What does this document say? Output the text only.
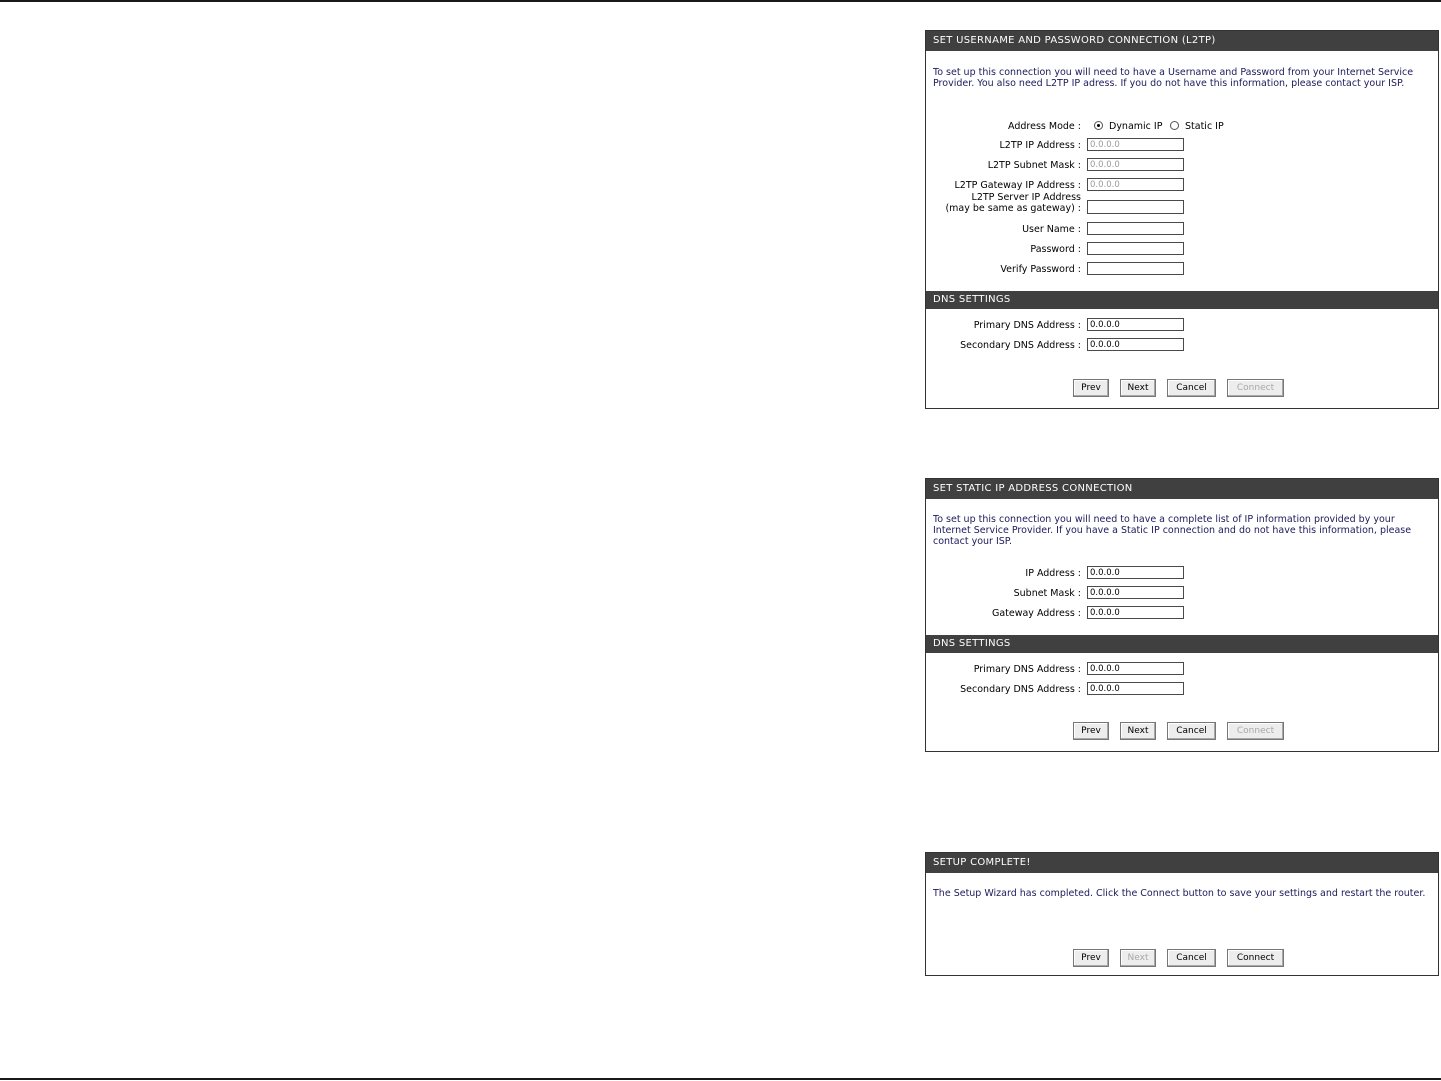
SET USERNAME AND PASSWORD CONNECTION (L2TP)
To set up this connection you will need to have a Username and Password from your Internet Service Provider. You also need L2TP IP adress. If you do not have this information, please contact your ISP.
Address Mode :	Dynamic IP Static IP
L2TP IP Address :	0.0.0.0
L2TP Subnet Mask :	0.0.0.0
L2TP Gateway IP Address :	0.0.0.0
L2TP Server IP Address
(may be same as gateway) :
User Name :
Password :
Verify Password :
DNS SETTINGS
Primary DNS Address :	0.0.0.0
Secondary DNS Address :	0.0.0.0
Prev	Next	Cancel	Connect
SET STATIC IP ADDRESS CONNECTION
To set up this connection you will need to have a complete list of IP information provided by your Internet Service Provider. If you have a Static IP connection and do not have this information, please contact your ISP.
IP Address :	0.0.0.0
Subnet Mask :	0.0.0.0
Gateway Address :	0.0.0.0
DNS SETTINGS
Primary DNS Address :	0.0.0.0
Secondary DNS Address :	0.0.0.0
Prev	Next	Cancel	Connect
SETUP COMPLETE!
The Setup Wizard has completed. Click the Connect button to save your settings and restart the router.
Prev	Next	Cancel	Connect
